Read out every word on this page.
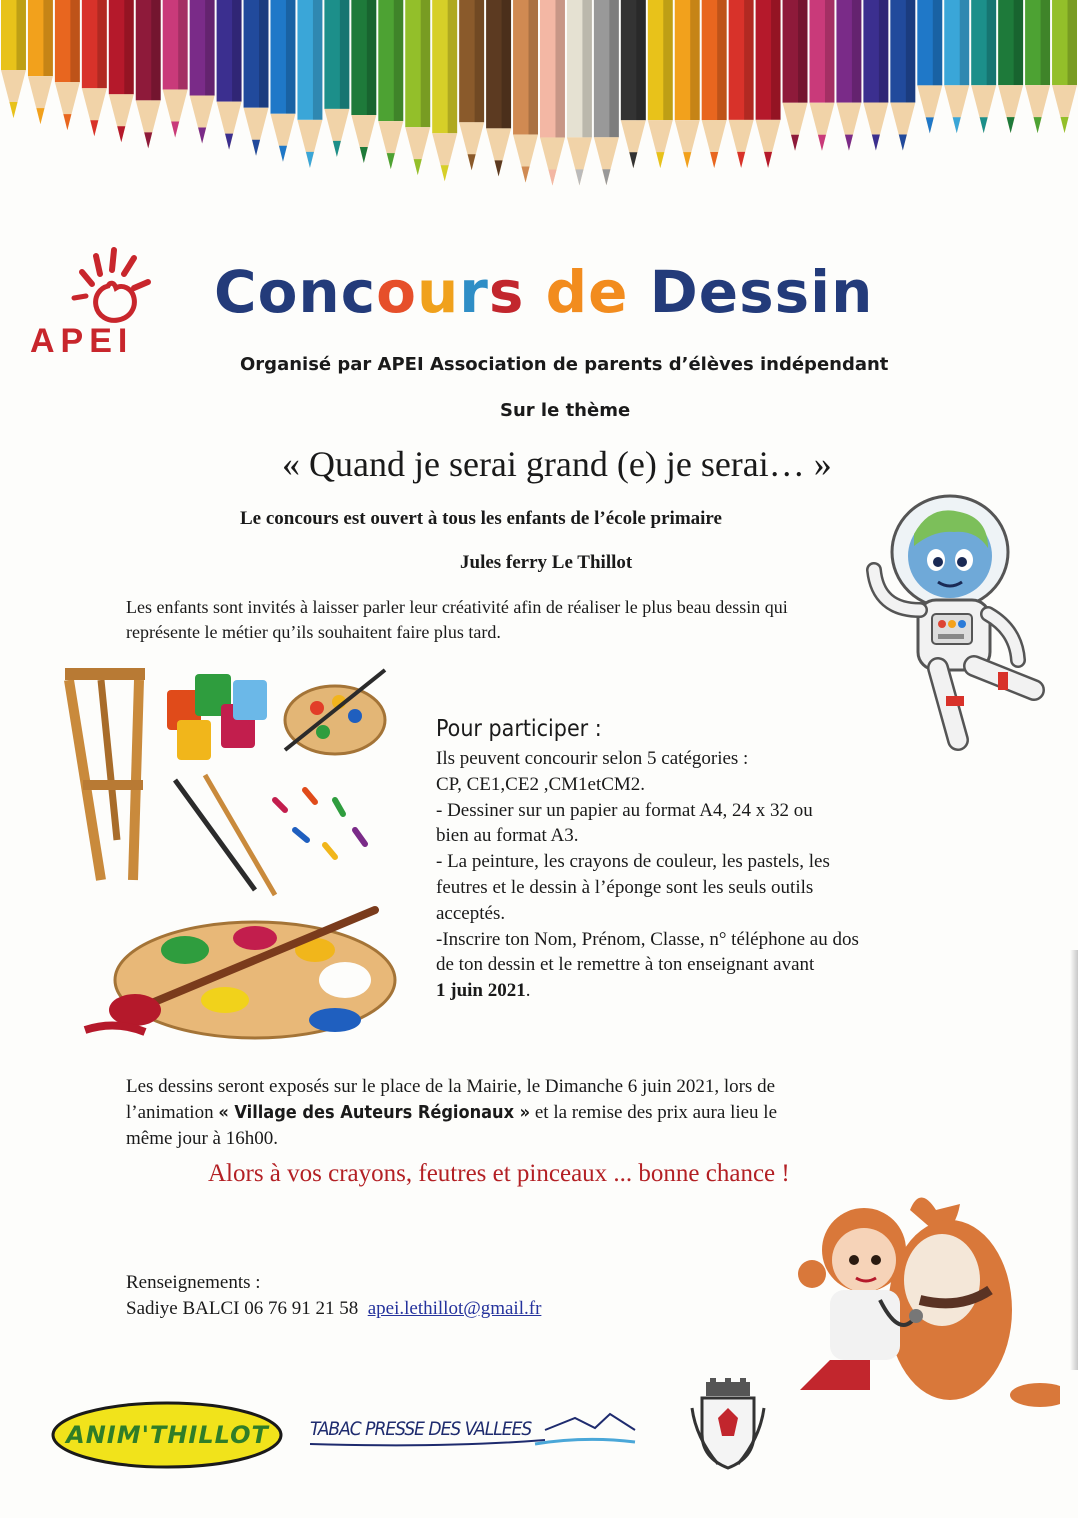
APEI
Concours de Dessin
Organisé par APEI Association de parents d’élèves indépendant
Sur le thème
« Quand je serai grand (e) je serai… »
Le concours est ouvert à tous les enfants de l’école primaire
Jules ferry Le Thillot
Les enfants sont invités à laisser parler leur créativité afin de réaliser le plus beau dessin qui représente le métier qu’ils souhaitent faire plus tard.
Pour participer :
Ils peuvent concourir selon 5 catégories :
CP, CE1,CE2 ,CM1etCM2.
- Dessiner sur un papier au format A4, 24 x 32 ou
bien au format A3.
- La peinture, les crayons de couleur, les pastels, les
feutres et le dessin à l’éponge sont les seuls outils
acceptés.
-Inscrire ton Nom, Prénom, Classe, n° téléphone au dos
de ton dessin et le remettre à ton enseignant avant
1 juin 2021.
Les dessins seront exposés sur le place de la Mairie, le Dimanche 6 juin 2021, lors de
l’animation « Village des Auteurs Régionaux » et la remise des prix aura lieu le
même jour à 16h00.
Alors à vos crayons, feutres et pinceaux ... bonne chance !
Renseignements :
Sadiye BALCI 06 76 91 21 58 apei.lethillot@gmail.fr
ANIM'THILLOT	TABAC PRESSE DES VALLEES
